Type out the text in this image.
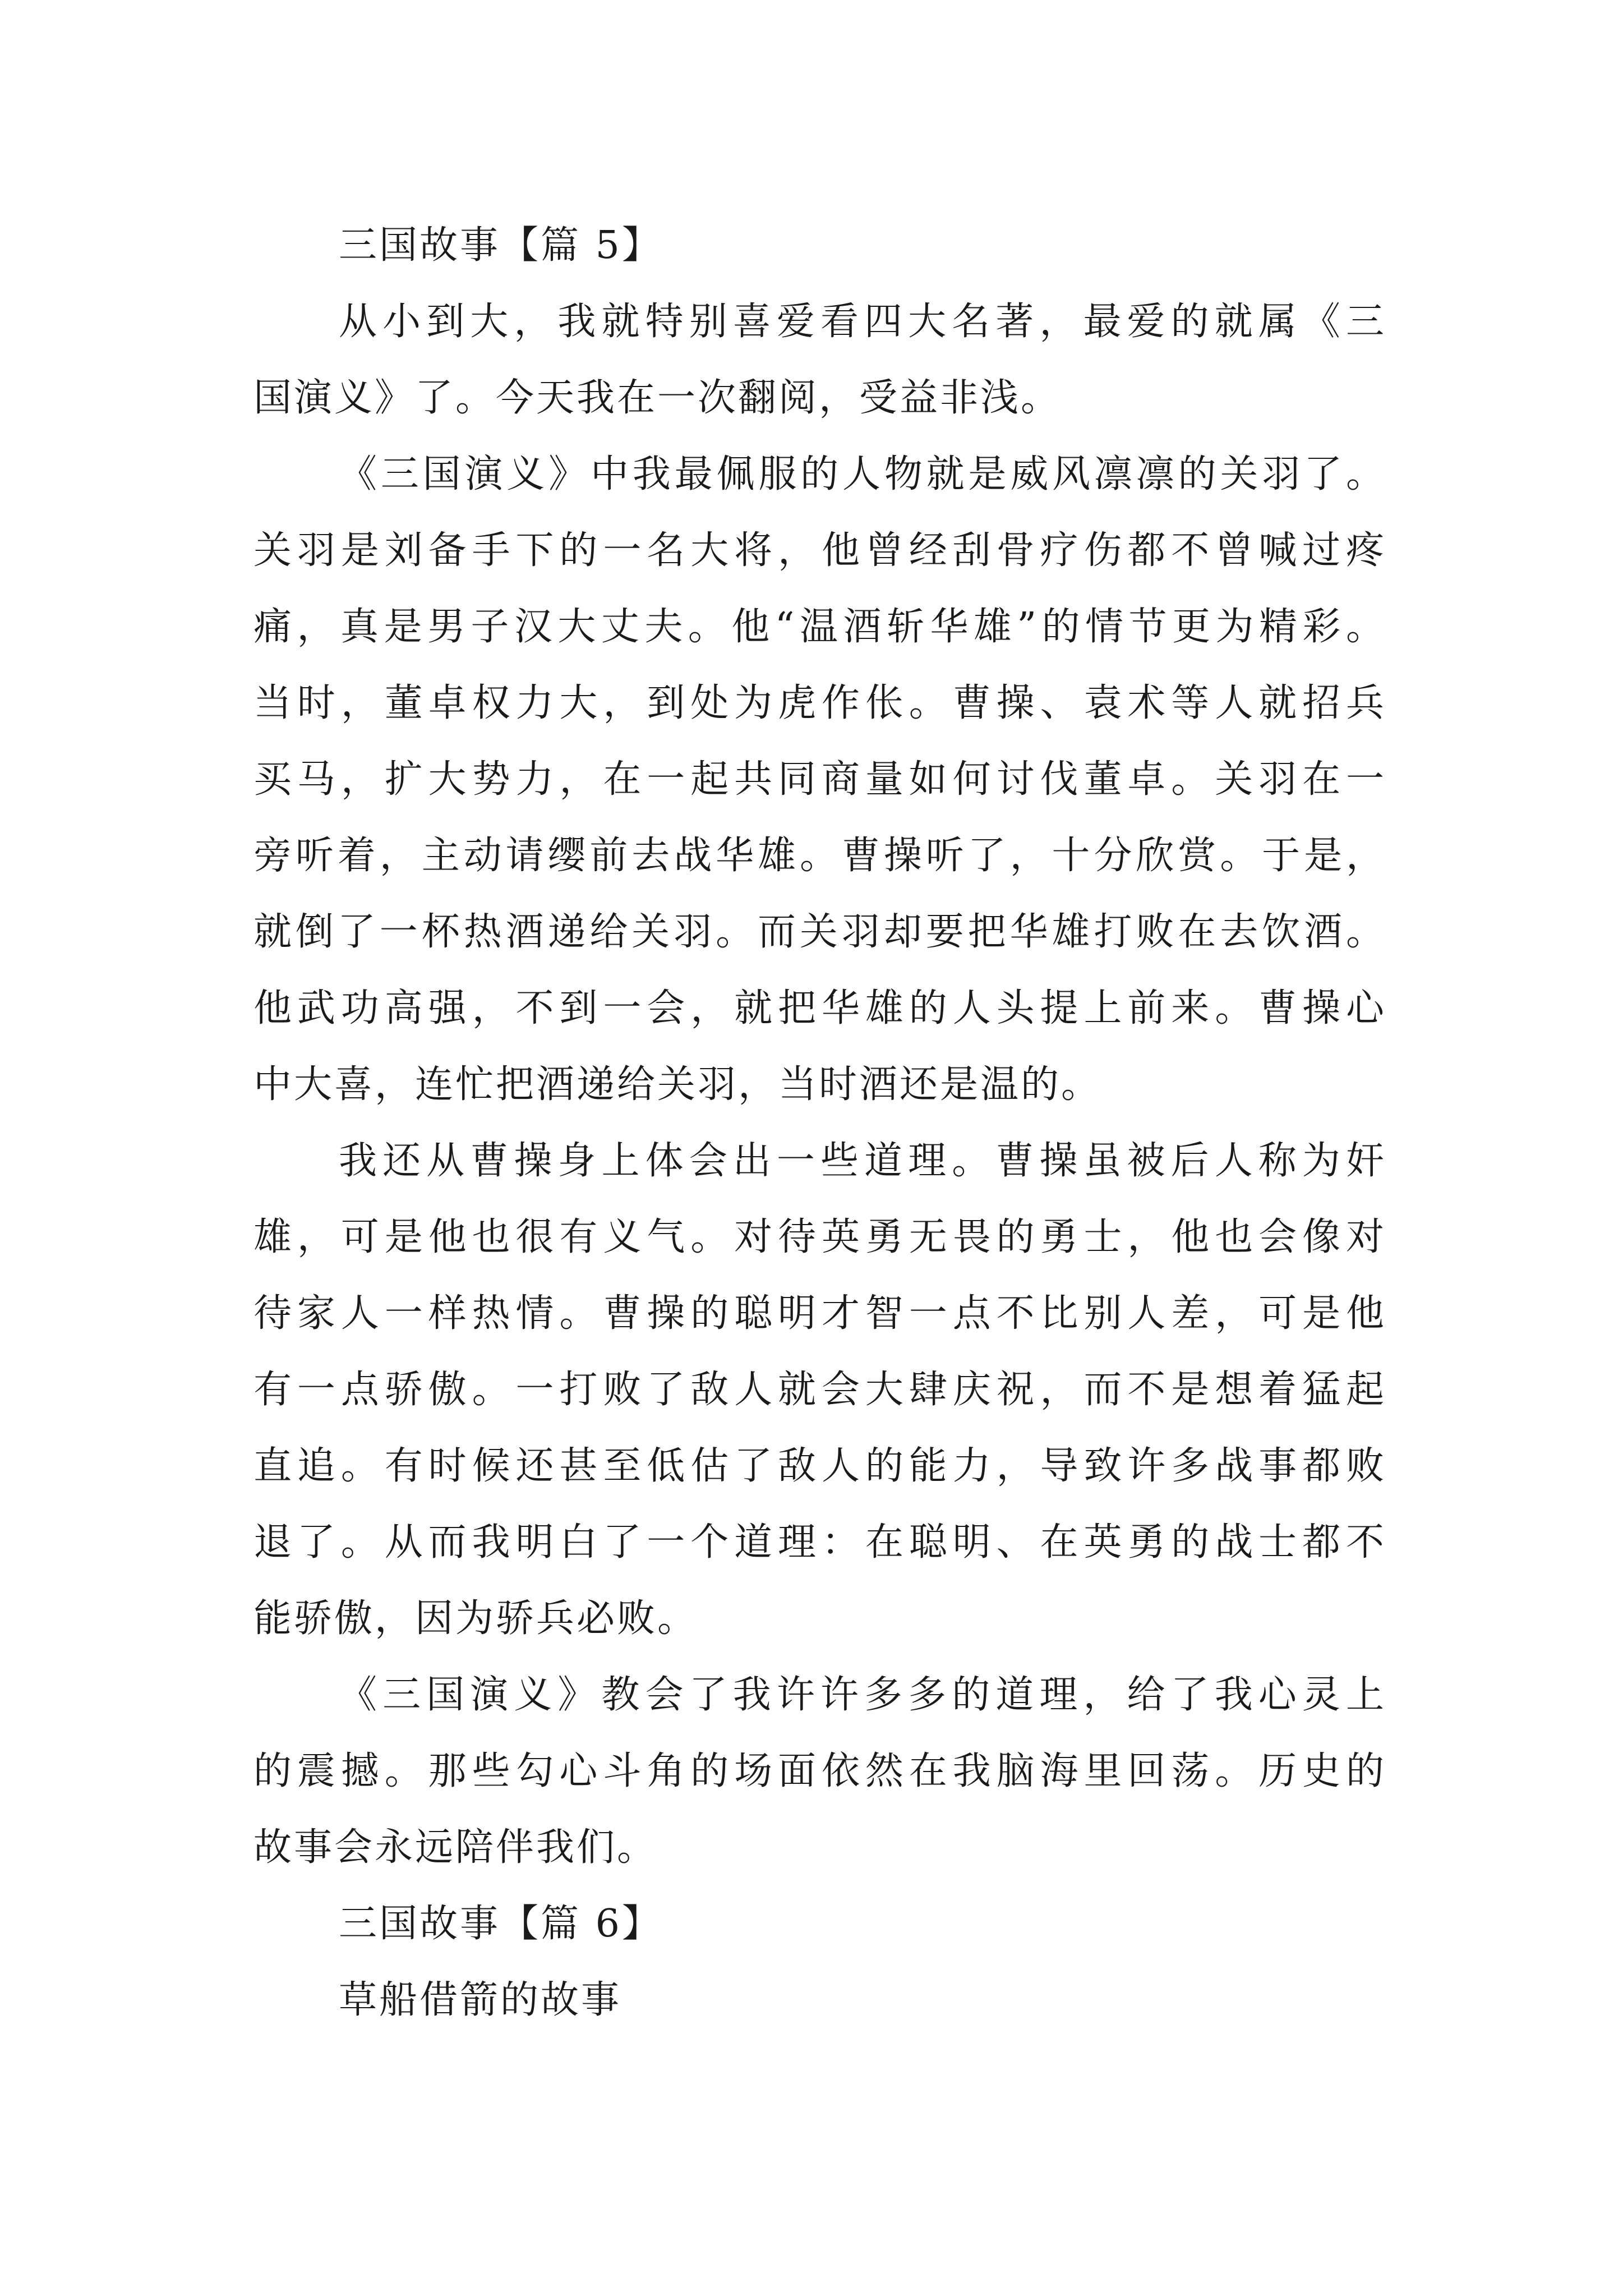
三国故事【篇 5】
从小到大，我就特别喜爱看四大名著，最爱的就属《三
国演义》了。今天我在一次翻阅，受益非浅。
《三国演义》中我最佩服的人物就是威风凛凛的关羽了。
关羽是刘备手下的一名大将，他曾经刮骨疗伤都不曾喊过疼
痛，真是男子汉大丈夫。他“温酒斩华雄”的情节更为精彩。
当时，董卓权力大，到处为虎作伥。曹操、袁术等人就招兵
买马，扩大势力，在一起共同商量如何讨伐董卓。关羽在一
旁听着，主动请缨前去战华雄。曹操听了，十分欣赏。于是，
就倒了一杯热酒递给关羽。而关羽却要把华雄打败在去饮酒。
他武功高强，不到一会，就把华雄的人头提上前来。曹操心
中大喜，连忙把酒递给关羽，当时酒还是温的。
我还从曹操身上体会出一些道理。曹操虽被后人称为奸
雄，可是他也很有义气。对待英勇无畏的勇士，他也会像对
待家人一样热情。曹操的聪明才智一点不比别人差，可是他
有一点骄傲。一打败了敌人就会大肆庆祝，而不是想着猛起
直追。有时候还甚至低估了敌人的能力，导致许多战事都败
退了。从而我明白了一个道理：在聪明、在英勇的战士都不
能骄傲，因为骄兵必败。
《三国演义》教会了我许许多多的道理，给了我心灵上
的震撼。那些勾心斗角的场面依然在我脑海里回荡。历史的
故事会永远陪伴我们。
三国故事【篇 6】
草船借箭的故事
